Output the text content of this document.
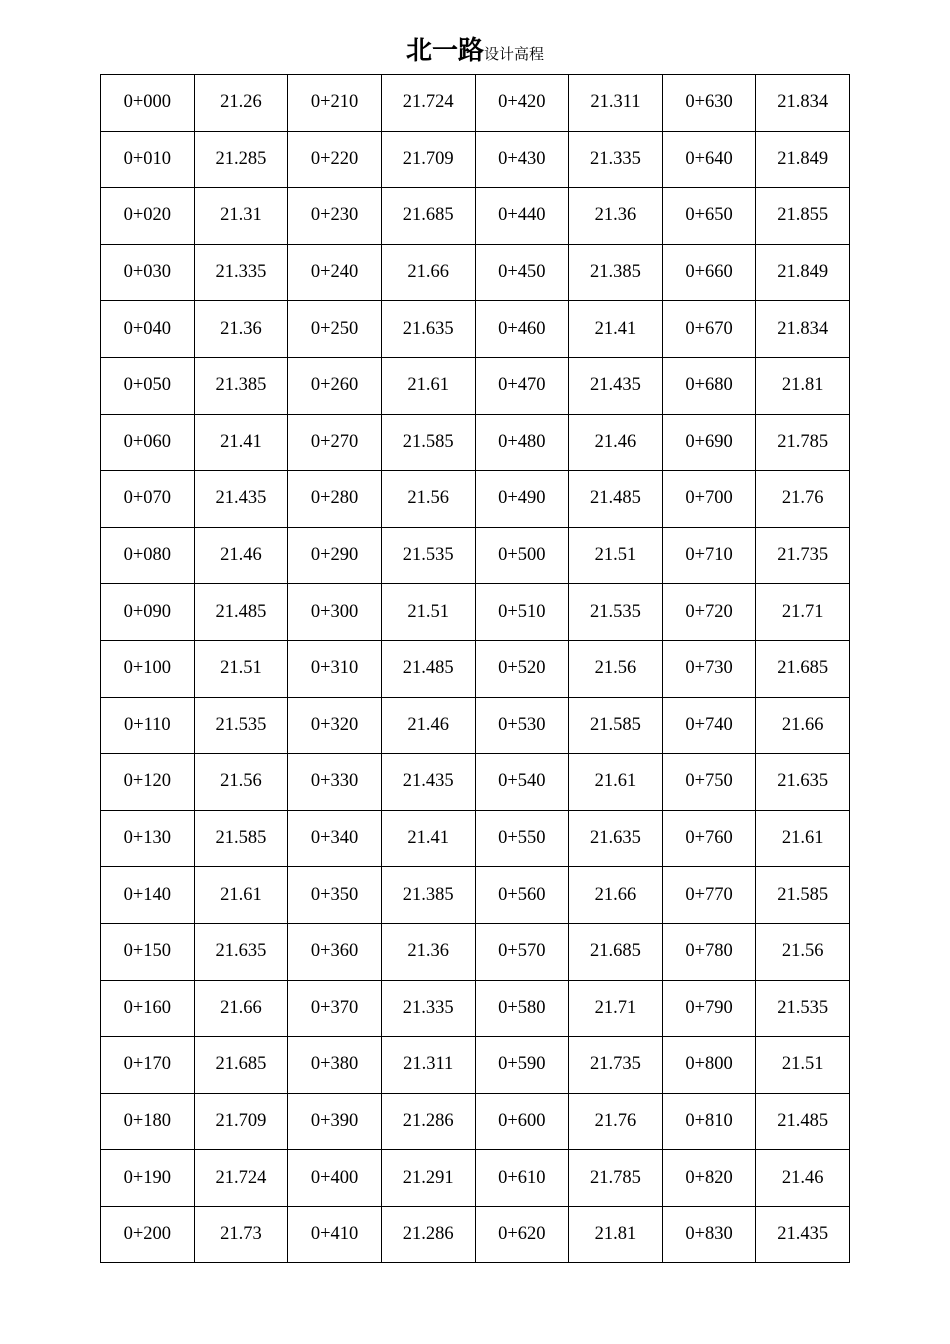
北一路设计高程
0+000	21.26	0+210	21.724	0+420	21.311	0+630	21.834
0+010	21.285	0+220	21.709	0+430	21.335	0+640	21.849
0+020	21.31	0+230	21.685	0+440	21.36	0+650	21.855
0+030	21.335	0+240	21.66	0+450	21.385	0+660	21.849
0+040	21.36	0+250	21.635	0+460	21.41	0+670	21.834
0+050	21.385	0+260	21.61	0+470	21.435	0+680	21.81
0+060	21.41	0+270	21.585	0+480	21.46	0+690	21.785
0+070	21.435	0+280	21.56	0+490	21.485	0+700	21.76
0+080	21.46	0+290	21.535	0+500	21.51	0+710	21.735
0+090	21.485	0+300	21.51	0+510	21.535	0+720	21.71
0+100	21.51	0+310	21.485	0+520	21.56	0+730	21.685
0+110	21.535	0+320	21.46	0+530	21.585	0+740	21.66
0+120	21.56	0+330	21.435	0+540	21.61	0+750	21.635
0+130	21.585	0+340	21.41	0+550	21.635	0+760	21.61
0+140	21.61	0+350	21.385	0+560	21.66	0+770	21.585
0+150	21.635	0+360	21.36	0+570	21.685	0+780	21.56
0+160	21.66	0+370	21.335	0+580	21.71	0+790	21.535
0+170	21.685	0+380	21.311	0+590	21.735	0+800	21.51
0+180	21.709	0+390	21.286	0+600	21.76	0+810	21.485
0+190	21.724	0+400	21.291	0+610	21.785	0+820	21.46
0+200	21.73	0+410	21.286	0+620	21.81	0+830	21.435
